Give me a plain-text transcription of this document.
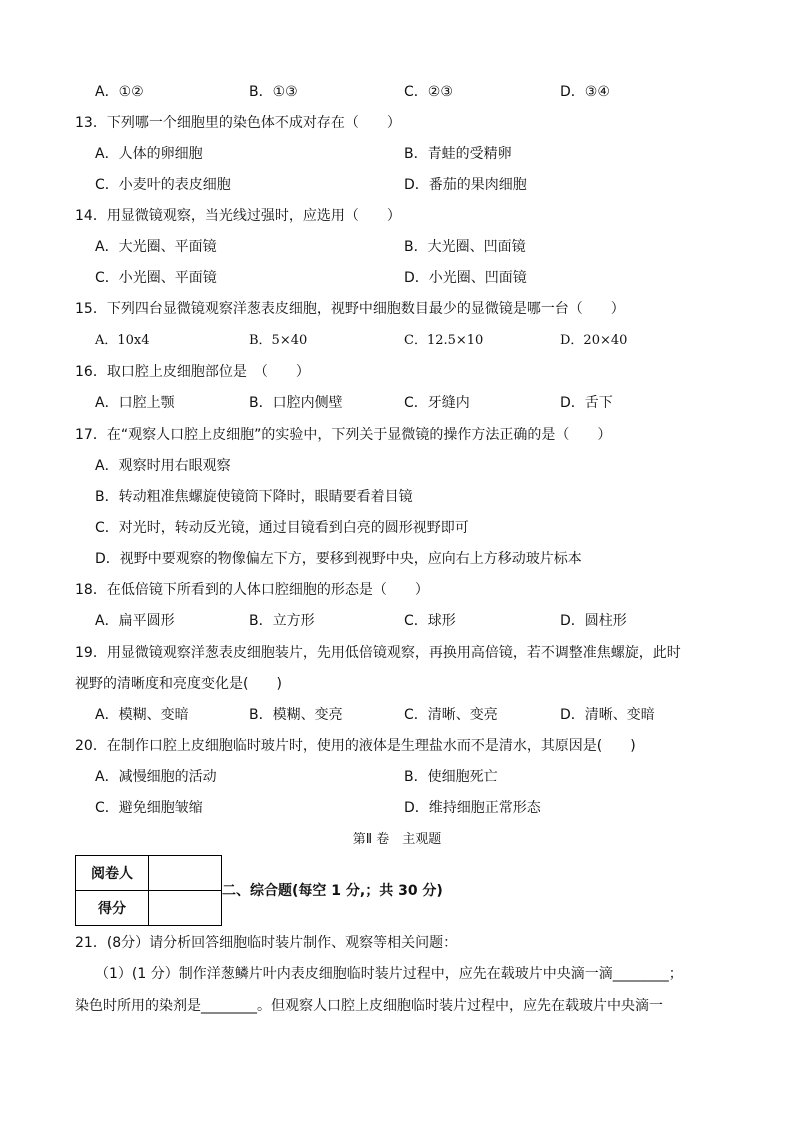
A．①②	B．①③	C．②③	D．③④
13．下列哪一个细胞里的染色体不成对存在（　　）
A．人体的卵细胞	B．青蛙的受精卵
C．小麦叶的表皮细胞	D．番茄的果肉细胞
14．用显微镜观察，当光线过强时，应选用（　　）
A．大光圈、平面镜	B．大光圈、凹面镜
C．小光圈、平面镜	D．小光圈、凹面镜
15．下列四台显微镜观察洋葱表皮细胞，视野中细胞数目最少的显微镜是哪一台（　　）
A．10x4	B．5×40	C．12.5×10	D．20×40
16．取口腔上皮细胞部位是　（　　）
A．口腔上颚	B．口腔内侧壁	C．牙缝内	D．舌下
17．在“观察人口腔上皮细胞”的实验中，下列关于显微镜的操作方法正确的是（　　）
A．观察时用右眼观察
B．转动粗准焦螺旋使镜筒下降时，眼睛要看着目镜
C．对光时，转动反光镜，通过目镜看到白亮的圆形视野即可
D．视野中要观察的物像偏左下方，要移到视野中央，应向右上方移动玻片标本
18．在低倍镜下所看到的人体口腔细胞的形态是（　　）
A．扁平圆形	B．立方形	C．球形	D．圆柱形
19．用显微镜观察洋葱表皮细胞装片，先用低倍镜观察，再换用高倍镜，若不调整准焦螺旋，此时
视野的清晰度和亮度变化是(　　)
A．模糊、变暗	B．模糊、变亮	C．清晰、变亮	D．清晰、变暗
20．在制作口腔上皮细胞临时玻片时，使用的液体是生理盐水而不是清水，其原因是(　　)
A．减慢细胞的活动	B．使细胞死亡
C．避免细胞皱缩	D．维持细胞正常形态
第Ⅱ 卷　主观题
阅卷人	
得分	
二、综合题(每空 1 分,；共 30 分)
21．(8分）请分析回答细胞临时装片制作、观察等相关问题：
（1）(1 分）制作洋葱鳞片叶内表皮细胞临时装片过程中，应先在载玻片中央滴一滴________；
染色时所用的染剂是________。但观察人口腔上皮细胞临时装片过程中，应先在载玻片中央滴一
